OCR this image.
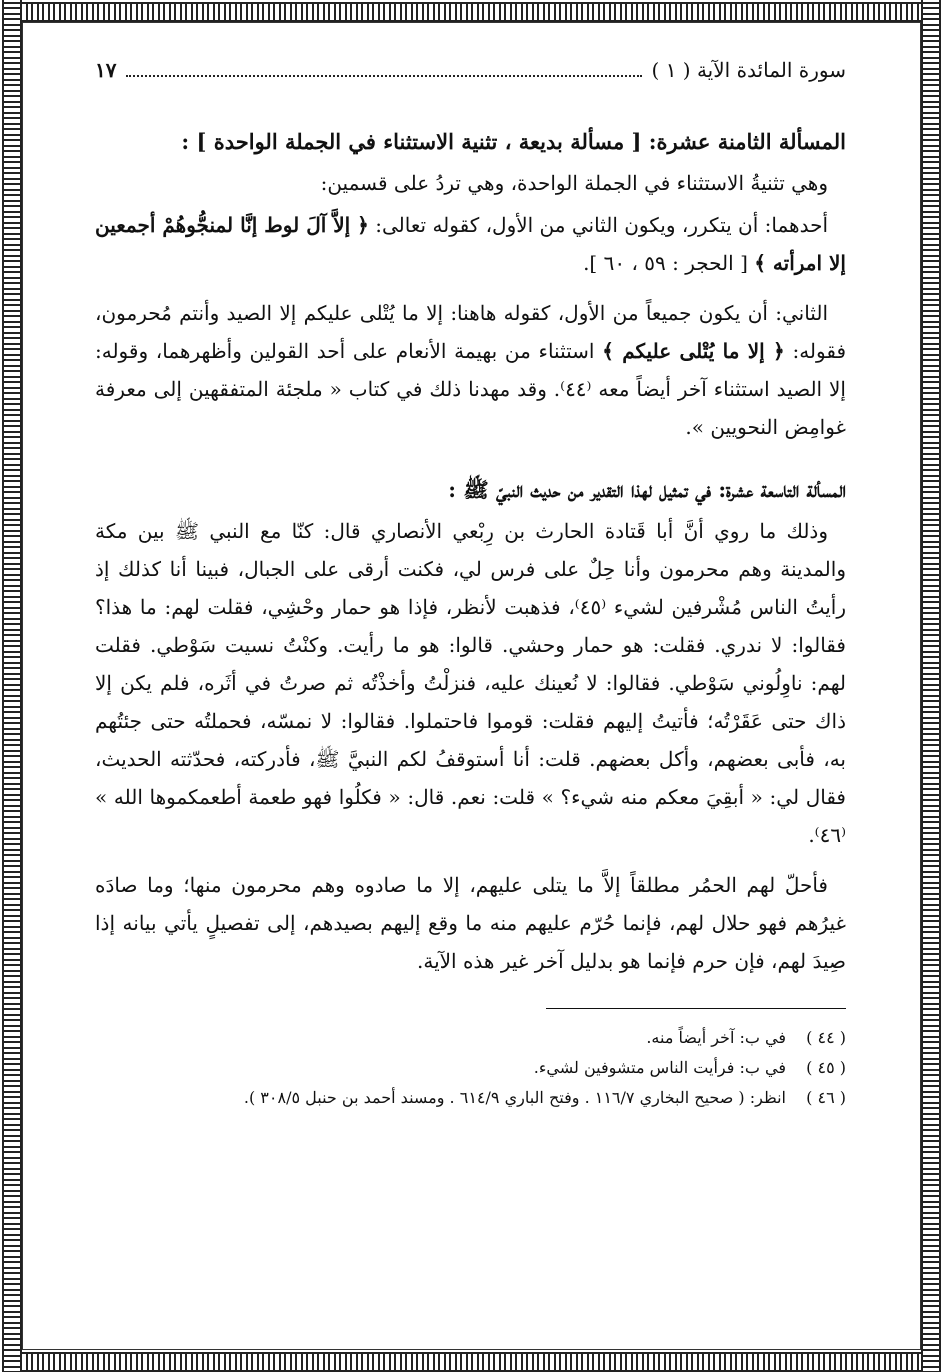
سورة المائدة الآية ( ١ )
١٧
المسألة الثامنة عشرة: [ مسألة بديعة ، تثنية الاستثناء في الجملة الواحدة ] :

وهي تثنيةُ الاستثناء في الجملة الواحدة، وهي تردُ على قسمين:

أحدهما: أن يتكرر، ويكون الثاني من الأول، كقوله تعالى: ﴿ إلاَّ آلَ لوط إنَّا لمنجُّوهُمْ أجمعين إلا امرأته ﴾ [ الحجر : ٥٩ ، ٦٠ ].

الثاني: أن يكون جميعاً من الأول، كقوله هاهنا: إلا ما يُتْلى عليكم إلا الصيد وأنتم مُحرمون، فقوله: ﴿ إلا ما يُتْلى عليكم ﴾ استثناء من بهيمة الأنعام على أحد القولين وأظهرهما، وقوله: إلا الصيد استثناء آخر أيضاً معه ⁽٤٤⁾. وقد مهدنا ذلك في كتاب « ملجئة المتفقهين إلى معرفة غوامِض النحويين ».

المسألة التاسعة عشرة: في تمثيل لهذا التقدير من حديث النبيّ ﷺ :

وذلك ما روي أنَّ أبا قَتادة الحارث بن رِبْعي الأنصاري قال: كنّا مع النبي ﷺ بين مكة والمدينة وهم محرمون وأنا حِلٌ على فرس لي، فكنت أرقى على الجبال، فبينا أنا كذلك إذ رأيتُ الناس مُشْرفين لشيء ⁽٤٥⁾، فذهبت لأنظر، فإذا هو حمار وحْشِي، فقلت لهم: ما هذا؟ فقالوا: لا ندري. فقلت: هو حمار وحشي. قالوا: هو ما رأيت. وكنْتُ نسيت سَوْطي. فقلت لهم: ناوِلُوني سَوْطي. فقالوا: لا نُعينك عليه، فنزلْتُ وأخذْتُه ثم صرتُ في أثَره، فلم يكن إلا ذاك حتى عَقَرْتُه؛ فأتيتُ إليهم فقلت: قوموا فاحتملوا. فقالوا: لا نمسّه، فحملتُه حتى جئتُهم به، فأبى بعضهم، وأكل بعضهم. قلت: أنا أستوقفُ لكم النبيَّ ﷺ، فأدركته، فحدّثته الحديث، فقال لي: « أبقِيَ معكم منه شيء؟ » قلت: نعم. قال: « فكلُوا فهو طعمة أطعمكموها الله » ⁽٤٦⁾.

فأحلّ لهم الحمُر مطلقاً إلاَّ ما يتلى عليهم، إلا ما صادوه وهم محرمون منها؛ وما صادَه غيرُهم فهو حلال لهم، فإنما حُرّم عليهم منه ما وقع إليهم بصيدهم، إلى تفصيلٍ يأتي بيانه إذا صِيدَ لهم، فإن حرم فإنما هو بدليل آخر غير هذه الآية.

( ٤٤ )
في ب: آخر أيضاً منه.
( ٤٥ )
في ب: فرأيت الناس متشوفين لشيء.
( ٤٦ )
انظر: ( صحيح البخاري ١١٦/٧ . وفتح الباري ٦١٤/٩ . ومسند أحمد بن حنبل ٣٠٨/٥ ).
